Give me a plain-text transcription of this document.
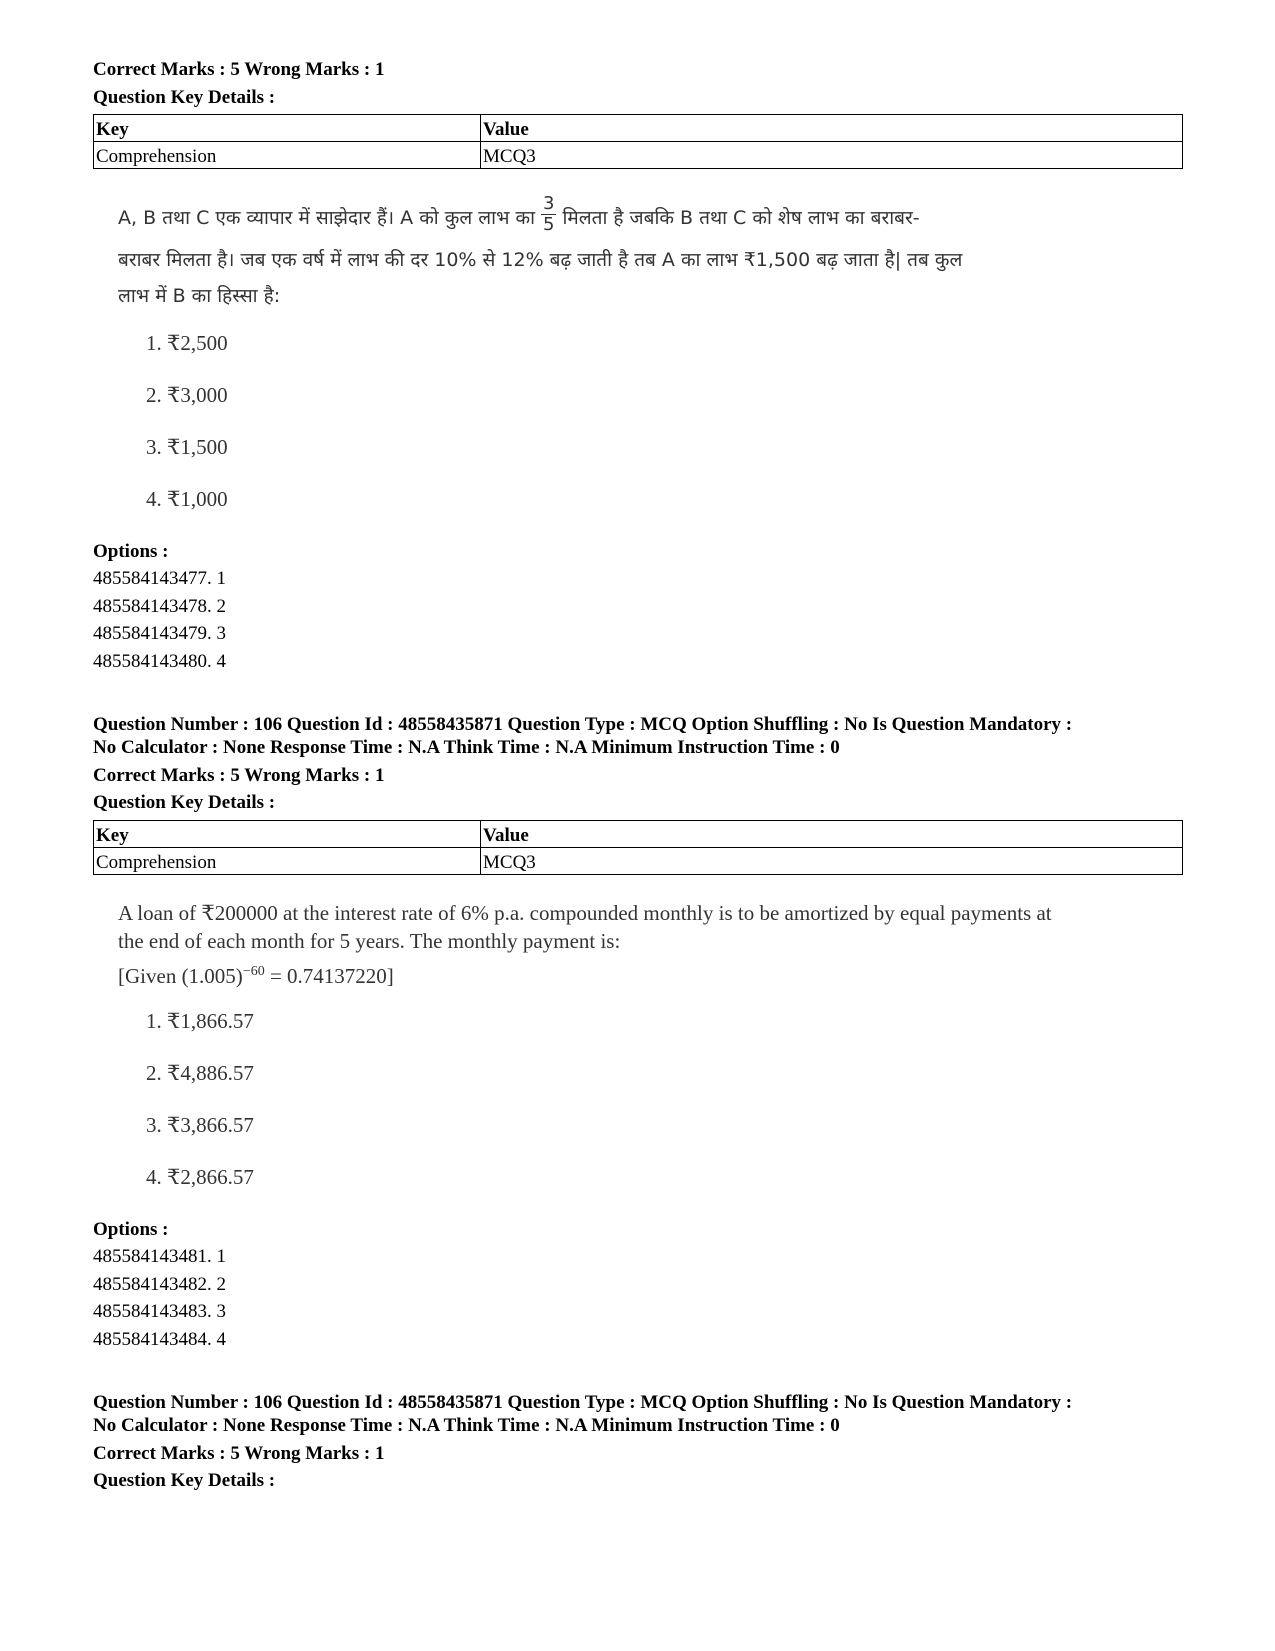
Correct Marks : 5 Wrong Marks : 1
Question Key Details :
Key	Value
Comprehension	MCQ3
A, B तथा C एक व्यापार में साझेदार हैं। A को कुल लाभ का $\frac{3}{5}$ मिलता है जबकि B तथा C को शेष लाभ का बराबर-
बराबर मिलता है। जब एक वर्ष में लाभ की दर 10% से 12% बढ़ जाती है तब A का लाभ ₹1,500 बढ़ जाता है| तब कुल
लाभ में B का हिस्सा है:
1. ₹2,500
2. ₹3,000
3. ₹1,500
4. ₹1,000
Options :
485584143477. 1
485584143478. 2
485584143479. 3
485584143480. 4
Question Number : 106 Question Id : 48558435871 Question Type : MCQ Option Shuffling : No Is Question Mandatory :
No Calculator : None Response Time : N.A Think Time : N.A Minimum Instruction Time : 0
Correct Marks : 5 Wrong Marks : 1
Question Key Details :
Key	Value
Comprehension	MCQ3
A loan of ₹200000 at the interest rate of 6% p.a. compounded monthly is to be amortized by equal payments at
the end of each month for 5 years. The monthly payment is:
[Given $(1.005)^{-60} = 0.74137220$]
1. ₹1,866.57
2. ₹4,886.57
3. ₹3,866.57
4. ₹2,866.57
Options :
485584143481. 1
485584143482. 2
485584143483. 3
485584143484. 4
Question Number : 106 Question Id : 48558435871 Question Type : MCQ Option Shuffling : No Is Question Mandatory :
No Calculator : None Response Time : N.A Think Time : N.A Minimum Instruction Time : 0
Correct Marks : 5 Wrong Marks : 1
Question Key Details :
